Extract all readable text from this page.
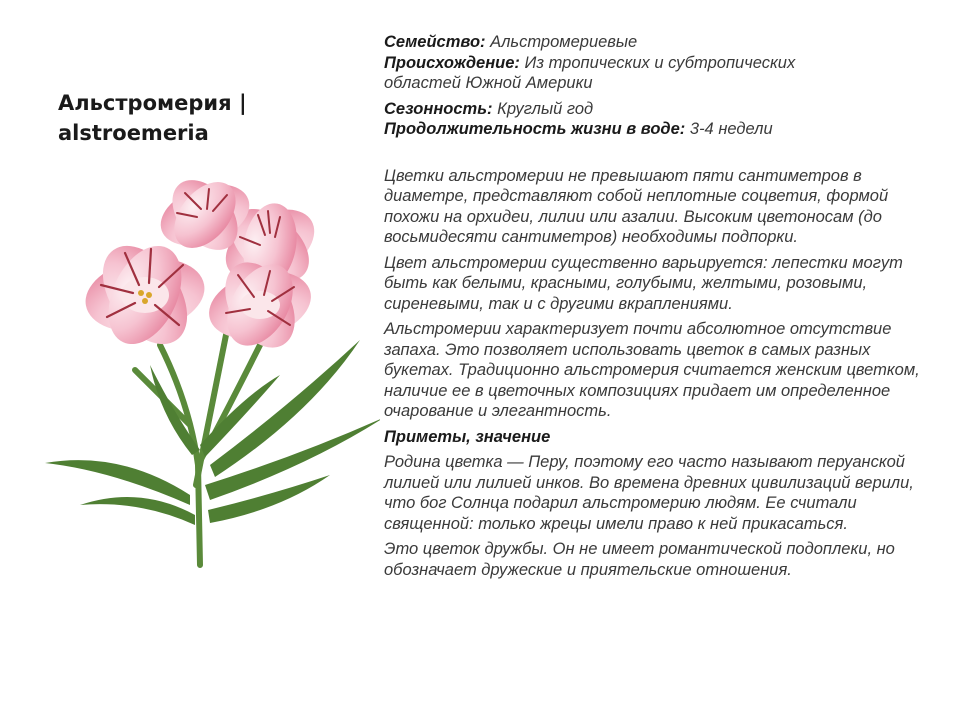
Альстромерия |
alstroemeria
Семейство: Альстромериевые
Происхождение: Из тропических и субтропических
областей Южной Америки
Сезонность: Круглый год
Продолжительность жизни в воде: 3-4 недели

Цветки альстромерии не превышают пяти сантиметров в диаметре, представляют собой неплотные соцветия, формой похожи на орхидеи, лилии или азалии. Высоким цветоносам (до восьмидесяти сантиметров) необходимы подпорки.

Цвет альстромерии существенно варьируется: лепестки могут быть как белыми, красными, голубыми, желтыми, розовыми, сиреневыми, так и с другими вкраплениями.

Альстромерии характеризует почти абсолютное отсутствие запаха. Это позволяет использовать цветок в самых разных букетах. Традиционно альстромерия считается женским цветком, наличие ее в цветочных композициях придает им определенное очарование и элегантность.

Приметы, значение

Родина цветка — Перу, поэтому его часто называют перуанской лилией или лилией инков. Во времена древних цивилизаций верили, что бог Солнца подарил альстромерию людям. Ее считали священной: только жрецы имели право к ней прикасаться.

Это цветок дружбы. Он не имеет романтической подоплеки, но обозначает дружеские и приятельские отношения.
